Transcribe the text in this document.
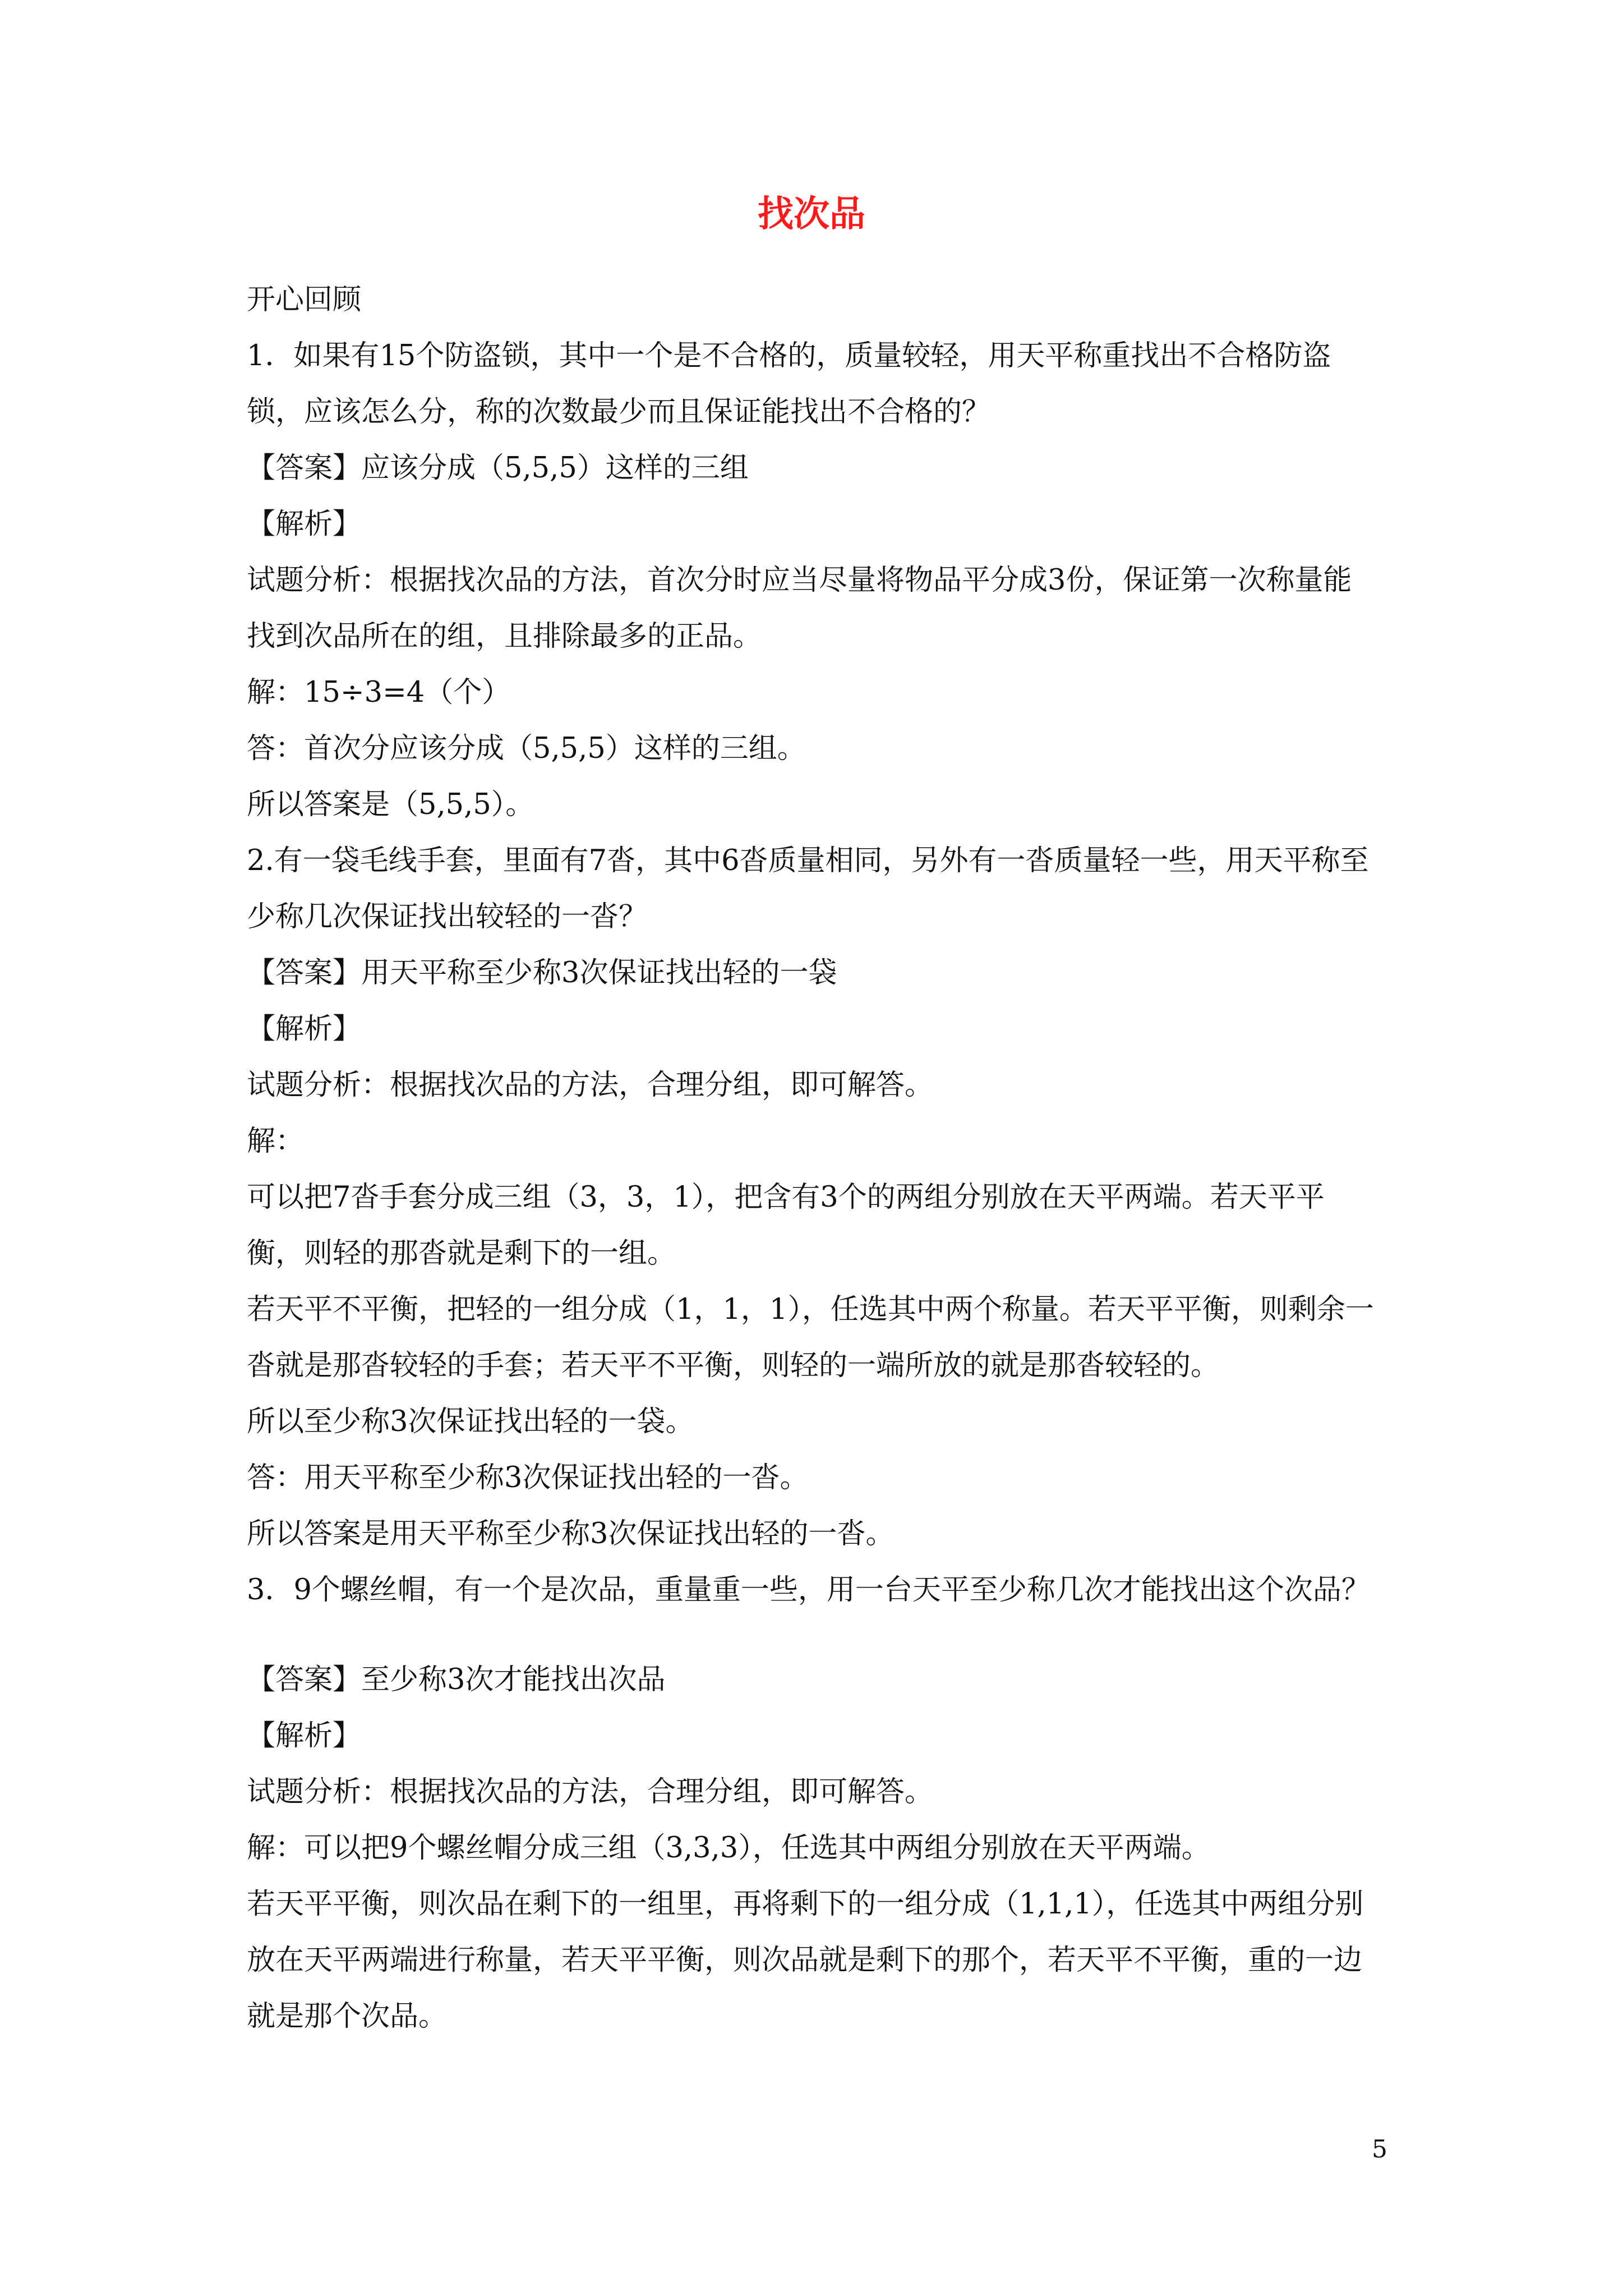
找次品

开心回顾

1．如果有15个防盗锁，其中一个是不合格的，质量较轻，用天平称重找出不合格防盗锁，应该怎么分，称的次数最少而且保证能找出不合格的？

【答案】应该分成（5,5,5）这样的三组

【解析】

试题分析：根据找次品的方法，首次分时应当尽量将物品平分成3份，保证第一次称量能找到次品所在的组，且排除最多的正品。

解：15÷3=4（个）

答：首次分应该分成（5,5,5）这样的三组。

所以答案是（5,5,5）。

2.有一袋毛线手套，里面有7沓，其中6沓质量相同，另外有一沓质量轻一些，用天平称至少称几次保证找出较轻的一沓？

【答案】用天平称至少称3次保证找出轻的一袋

【解析】

试题分析：根据找次品的方法，合理分组，即可解答。

解：

可以把7沓手套分成三组（3，3，1），把含有3个的两组分别放在天平两端。若天平平衡，则轻的那沓就是剩下的一组。

若天平不平衡，把轻的一组分成（1，1，1），任选其中两个称量。若天平平衡，则剩余一沓就是那沓较轻的手套；若天平不平衡，则轻的一端所放的就是那沓较轻的。

所以至少称3次保证找出轻的一袋。

答：用天平称至少称3次保证找出轻的一沓。

所以答案是用天平称至少称3次保证找出轻的一沓。

3．9个螺丝帽，有一个是次品，重量重一些，用一台天平至少称几次才能找出这个次品？

【答案】至少称3次才能找出次品

【解析】

试题分析：根据找次品的方法，合理分组，即可解答。

解：可以把9个螺丝帽分成三组（3,3,3），任选其中两组分别放在天平两端。

若天平平衡，则次品在剩下的一组里，再将剩下的一组分成（1,1,1），任选其中两组分别放在天平两端进行称量，若天平平衡，则次品就是剩下的那个，若天平不平衡，重的一边就是那个次品。

5
